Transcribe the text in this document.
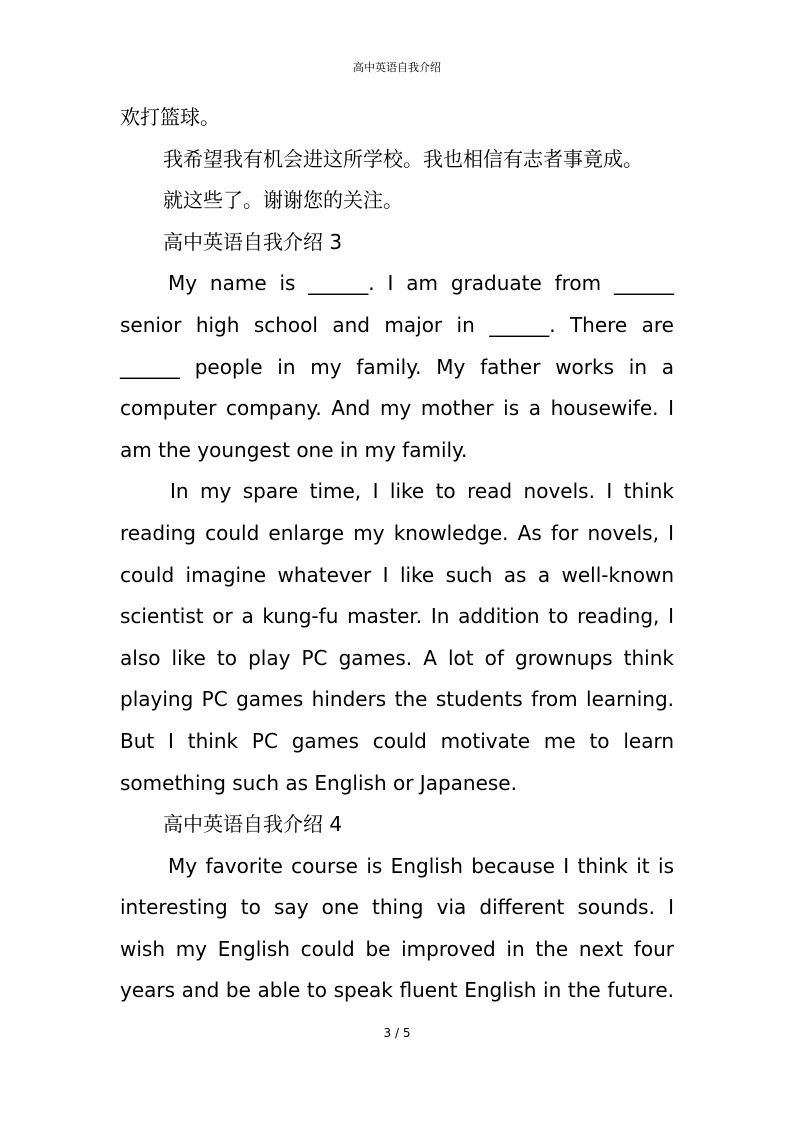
高中英语自我介绍
欢打篮球。
我希望我有机会进这所学校。我也相信有志者事竟成。
就这些了。谢谢您的关注。
高中英语自我介绍 3
My name is ______. I am graduate from ______
senior high school and major in ______. There are
______ people in my family. My father works in a
computer company. And my mother is a housewife. I
am the youngest one in my family.
In my spare time, I like to read novels. I think
reading could enlarge my knowledge. As for novels, I
could imagine whatever I like such as a well-known
scientist or a kung-fu master. In addition to reading, I
also like to play PC games. A lot of grownups think
playing PC games hinders the students from learning.
But I think PC games could motivate me to learn
something such as English or Japanese.
高中英语自我介绍 4
My favorite course is English because I think it is
interesting to say one thing via different sounds. I
wish my English could be improved in the next four
years and be able to speak fluent English in the future.
3 / 5
